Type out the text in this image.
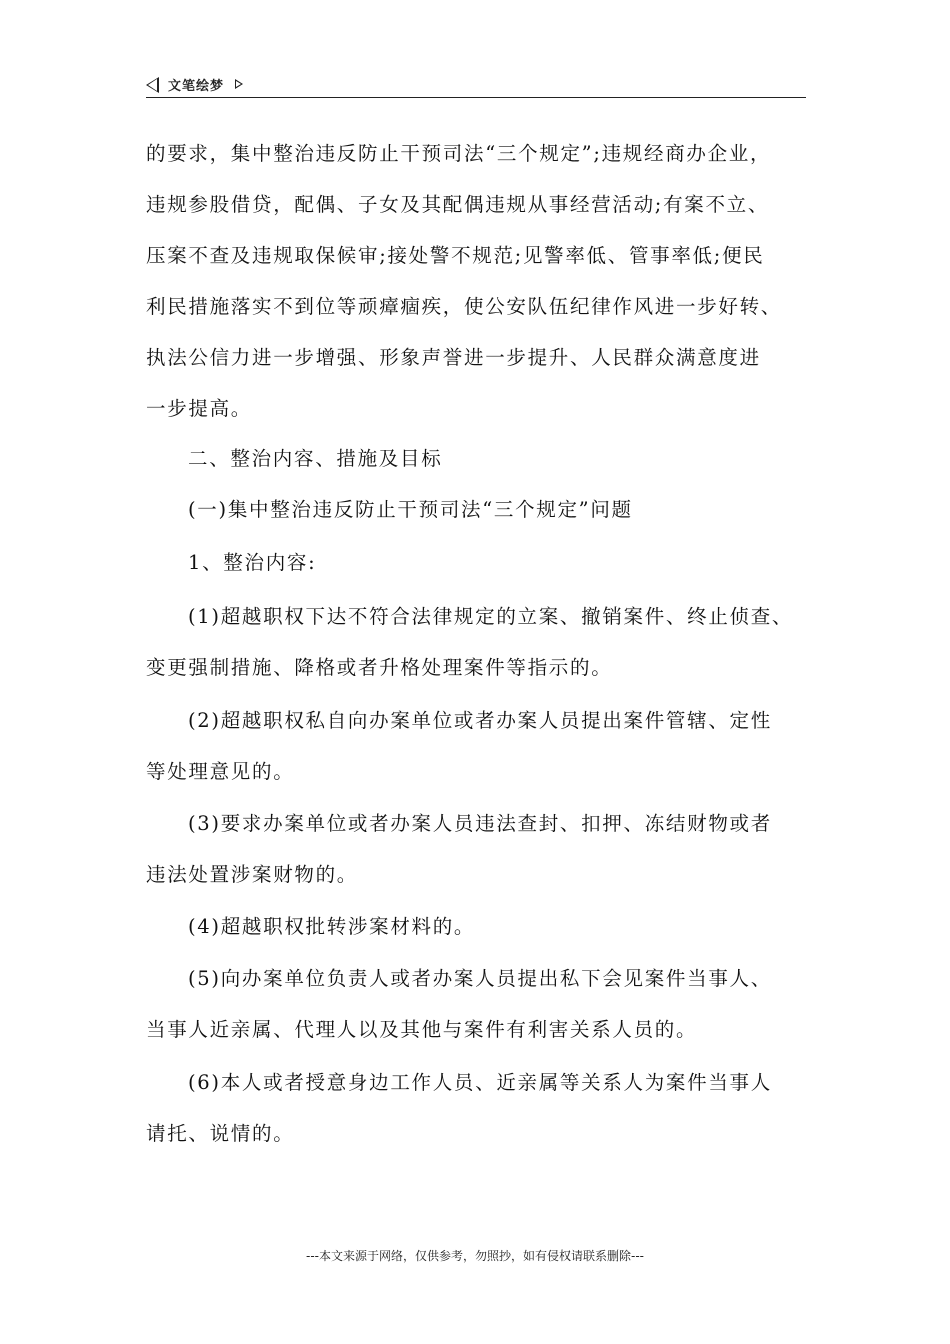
文笔绘梦
的要求，集中整治违反防止干预司法“三个规定”;违规经商办企业，
违规参股借贷，配偶、子女及其配偶违规从事经营活动;有案不立、
压案不查及违规取保候审;接处警不规范;见警率低、管事率低;便民
利民措施落实不到位等顽瘴痼疾，使公安队伍纪律作风进一步好转、
执法公信力进一步增强、形象声誉进一步提升、人民群众满意度进
一步提高。
二、整治内容、措施及目标
(一)集中整治违反防止干预司法“三个规定”问题
1、整治内容:
(1)超越职权下达不符合法律规定的立案、撤销案件、终止侦查、
变更强制措施、降格或者升格处理案件等指示的。
(2)超越职权私自向办案单位或者办案人员提出案件管辖、定性
等处理意见的。
(3)要求办案单位或者办案人员违法查封、扣押、冻结财物或者
违法处置涉案财物的。
(4)超越职权批转涉案材料的。
(5)向办案单位负责人或者办案人员提出私下会见案件当事人、
当事人近亲属、代理人以及其他与案件有利害关系人员的。
(6)本人或者授意身边工作人员、近亲属等关系人为案件当事人
请托、说情的。
---本文来源于网络，仅供参考，勿照抄，如有侵权请联系删除---
